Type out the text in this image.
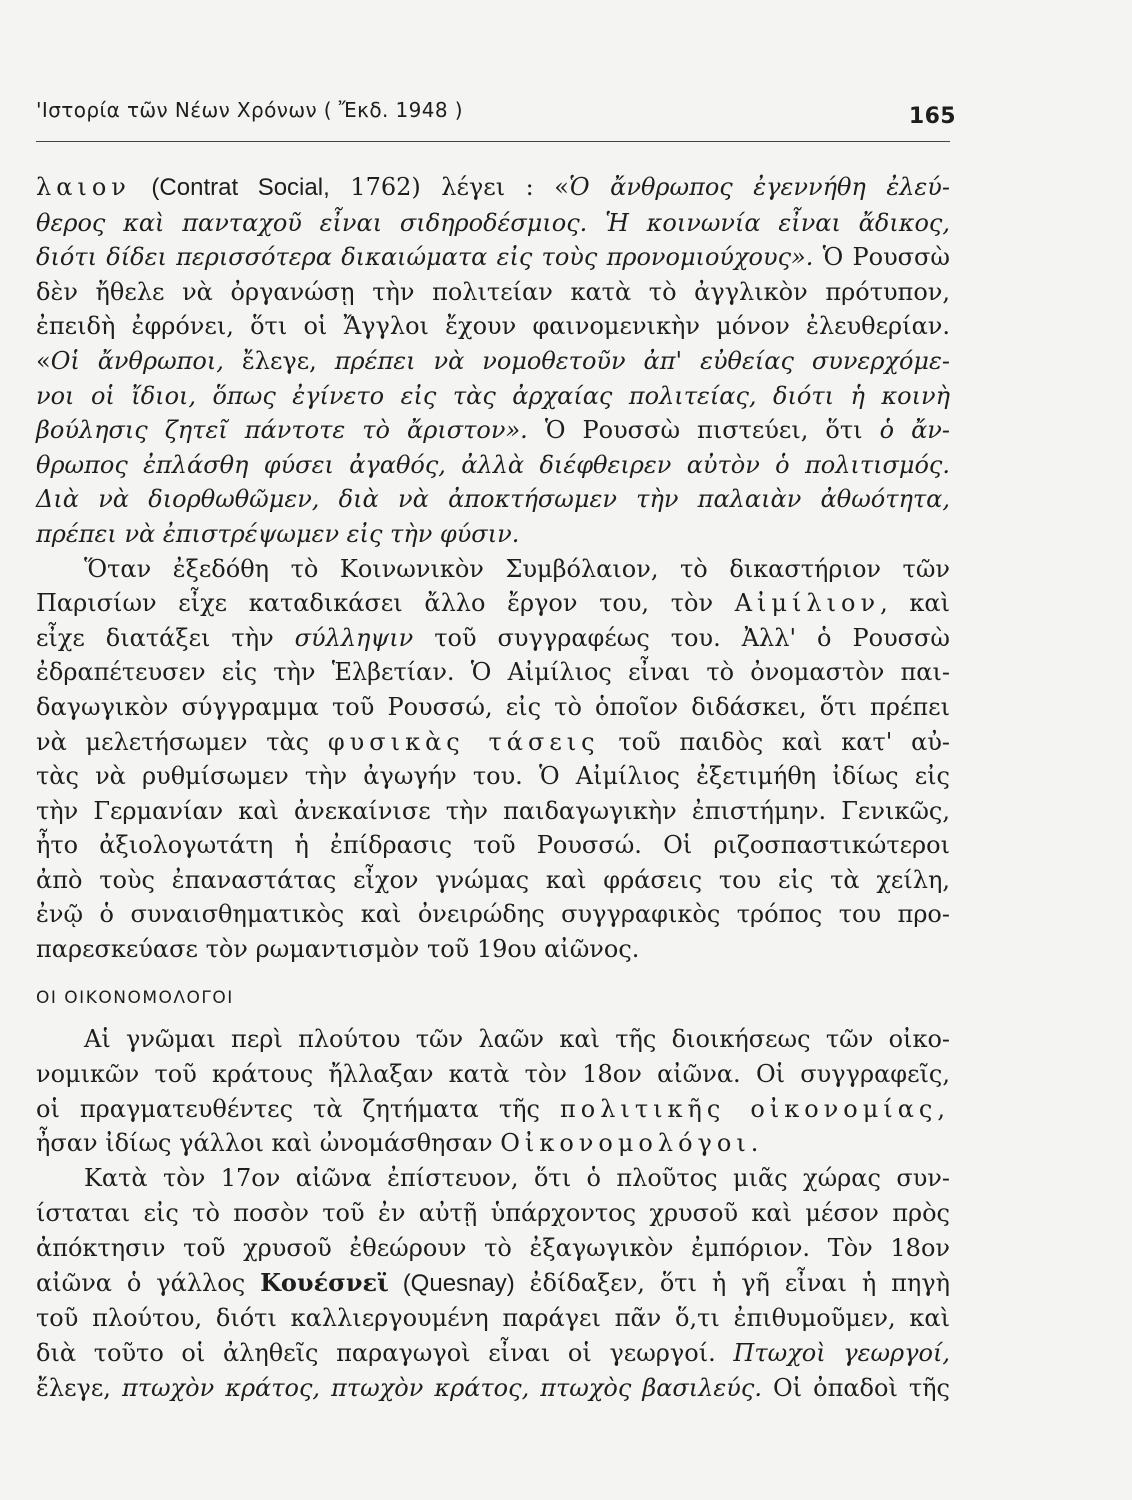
'Ιστορία τῶν Νέων Χρόνων ( Ἔκδ. 1948 )	165
λαιον (Contrat Social, 1762) λέγει : «Ὁ ἄνθρωπος ἐγεννήθη ἐλεύ-
θερος καὶ πανταχοῦ εἶναι σιδηροδέσμιος. Ἡ κοινωνία εἶναι ἄδικος,
διότι δίδει περισσότερα δικαιώματα εἰς τοὺς προνομιούχους». Ὁ Ρουσσὼ
δὲν ἤθελε νὰ ὀργανώσῃ τὴν πολιτείαν κατὰ τὸ ἀγγλικὸν πρότυπον,
ἐπειδὴ ἐφρόνει, ὅτι οἱ Ἄγγλοι ἔχουν φαινομενικὴν μόνον ἐλευθερίαν.
«Οἱ ἄνθρωποι, ἔλεγε, πρέπει νὰ νομοθετοῦν ἀπ' εὐθείας συνερχόμε-
νοι οἱ ἴδιοι, ὅπως ἐγίνετο εἰς τὰς ἀρχαίας πολιτείας, διότι ἡ κοινὴ
βούλησις ζητεῖ πάντοτε τὸ ἄριστον». Ὁ Ρουσσὼ πιστεύει, ὅτι ὁ ἄν-
θρωπος ἐπλάσθη φύσει ἀγαθός, ἀλλὰ διέφθειρεν αὐτὸν ὁ πολιτισμός.
Διὰ νὰ διορθωθῶμεν, διὰ νὰ ἀποκτήσωμεν τὴν παλαιὰν ἀθωότητα,
πρέπει νὰ ἐπιστρέψωμεν εἰς τὴν φύσιν.
Ὅταν ἐξεδόθη τὸ Κοινωνικὸν Συμβόλαιον, τὸ δικαστήριον τῶν
Παρισίων εἶχε καταδικάσει ἄλλο ἔργον του, τὸν Αἰμίλιον, καὶ
εἶχε διατάξει τὴν σύλληψιν τοῦ συγγραφέως του. Ἀλλ' ὁ Ρουσσὼ
ἐδραπέτευσεν εἰς τὴν Ἑλβετίαν. Ὁ Αἰμίλιος εἶναι τὸ ὀνομαστὸν παι-
δαγωγικὸν σύγγραμμα τοῦ Ρουσσώ, εἰς τὸ ὁποῖον διδάσκει, ὅτι πρέπει
νὰ μελετήσωμεν τὰς φυσικὰς τάσεις τοῦ παιδὸς καὶ κατ' αὐ-
τὰς νὰ ρυθμίσωμεν τὴν ἀγωγήν του. Ὁ Αἰμίλιος ἐξετιμήθη ἰδίως εἰς
τὴν Γερμανίαν καὶ ἀνεκαίνισε τὴν παιδαγωγικὴν ἐπιστήμην. Γενικῶς,
ἦτο ἀξιολογωτάτη ἡ ἐπίδρασις τοῦ Ρουσσώ. Οἱ ριζοσπαστικώτεροι
ἀπὸ τοὺς ἐπαναστάτας εἶχον γνώμας καὶ φράσεις του εἰς τὰ χείλη,
ἐνῷ ὁ συναισθηματικὸς καὶ ὀνειρώδης συγγραφικὸς τρόπος του προ-
παρεσκεύασε τὸν ρωμαντισμὸν τοῦ 19ου αἰῶνος.
ΟΙ ΟΙΚΟΝΟΜΟΛΟΓΟΙ
Αἱ γνῶμαι περὶ πλούτου τῶν λαῶν καὶ τῆς διοικήσεως τῶν οἰκο-
νομικῶν τοῦ κράτους ἤλλαξαν κατὰ τὸν 18ον αἰῶνα. Οἱ συγγραφεῖς,
οἱ πραγματευθέντες τὰ ζητήματα τῆς πολιτικῆς οἰκονομίας,
ἦσαν ἰδίως γάλλοι καὶ ὠνομάσθησαν Οἰκονομολόγοι.
Κατὰ τὸν 17ον αἰῶνα ἐπίστευον, ὅτι ὁ πλοῦτος μιᾶς χώρας συν-
ίσταται εἰς τὸ ποσὸν τοῦ ἐν αὐτῇ ὑπάρχοντος χρυσοῦ καὶ μέσον πρὸς
ἀπόκτησιν τοῦ χρυσοῦ ἐθεώρουν τὸ ἐξαγωγικὸν ἐμπόριον. Τὸν 18ον
αἰῶνα ὁ γάλλος Κουέσνεϊ (Quesnay) ἐδίδαξεν, ὅτι ἡ γῆ εἶναι ἡ πηγὴ
τοῦ πλούτου, διότι καλλιεργουμένη παράγει πᾶν ὅ,τι ἐπιθυμοῦμεν, καὶ
διὰ τοῦτο οἱ ἀληθεῖς παραγωγοὶ εἶναι οἱ γεωργοί. Πτωχοὶ γεωργοί,
ἔλεγε, πτωχὸν κράτος, πτωχὸν κράτος, πτωχὸς βασιλεύς. Οἱ ὀπαδοὶ τῆς
